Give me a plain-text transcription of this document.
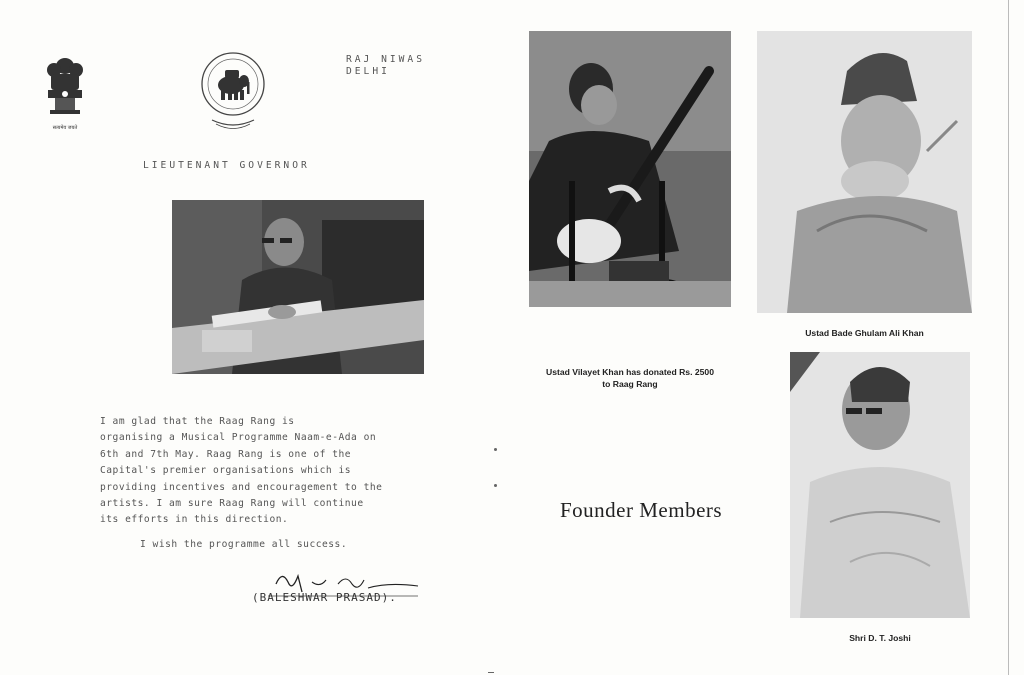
सत्यमेव जयते
RAJ NIWAS
DELHI
LIEUTENANT GOVERNOR
I am glad that the Raag Rang is
organising a Musical Programme Naam-e-Ada on
6th and 7th May. Raag Rang is one of the
Capital's premier organisations which is
providing incentives and encouragement to the
artists. I am sure Raag Rang will continue
its efforts in this direction.
I wish the programme all success.
(BALESHWAR PRASAD).
Ustad Vilayet Khan has donated Rs. 2500
to Raag Rang
Ustad Bade Ghulam Ali Khan
Shri D. T. Joshi
Founder Members
